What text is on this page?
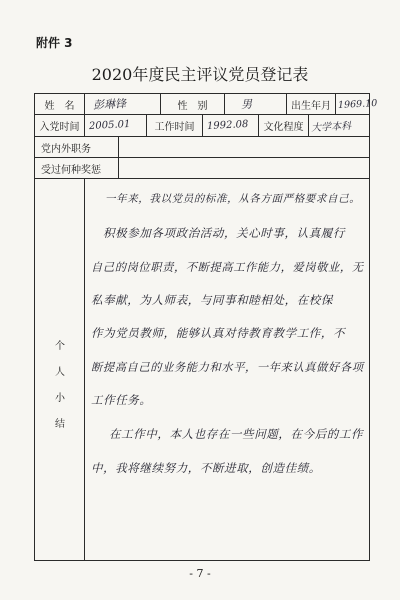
附件 3
2020年度民主评议党员登记表
姓　名	彭琳锋	性　别	男	出生年月 1969.10
入党时间 2005.01	工作时间	1992.08	文化程度 大学本科
党内外职务
受过何种奖惩
个
人
小
结
一年来，我以党员的标准，从各方面严格要求自己。
积极参加各项政治活动，关心时事，认真履行
自己的岗位职责，不断提高工作能力，爱岗敬业，无
私奉献，为人师表，与同事和睦相处，在校保
作为党员教师，能够认真对待教育教学工作，不
断提高自己的业务能力和水平，一年来认真做好各项
工作任务。
在工作中，本人也存在一些问题，在今后的工作
中，我将继续努力，不断进取，创造佳绩。
- 7 -
